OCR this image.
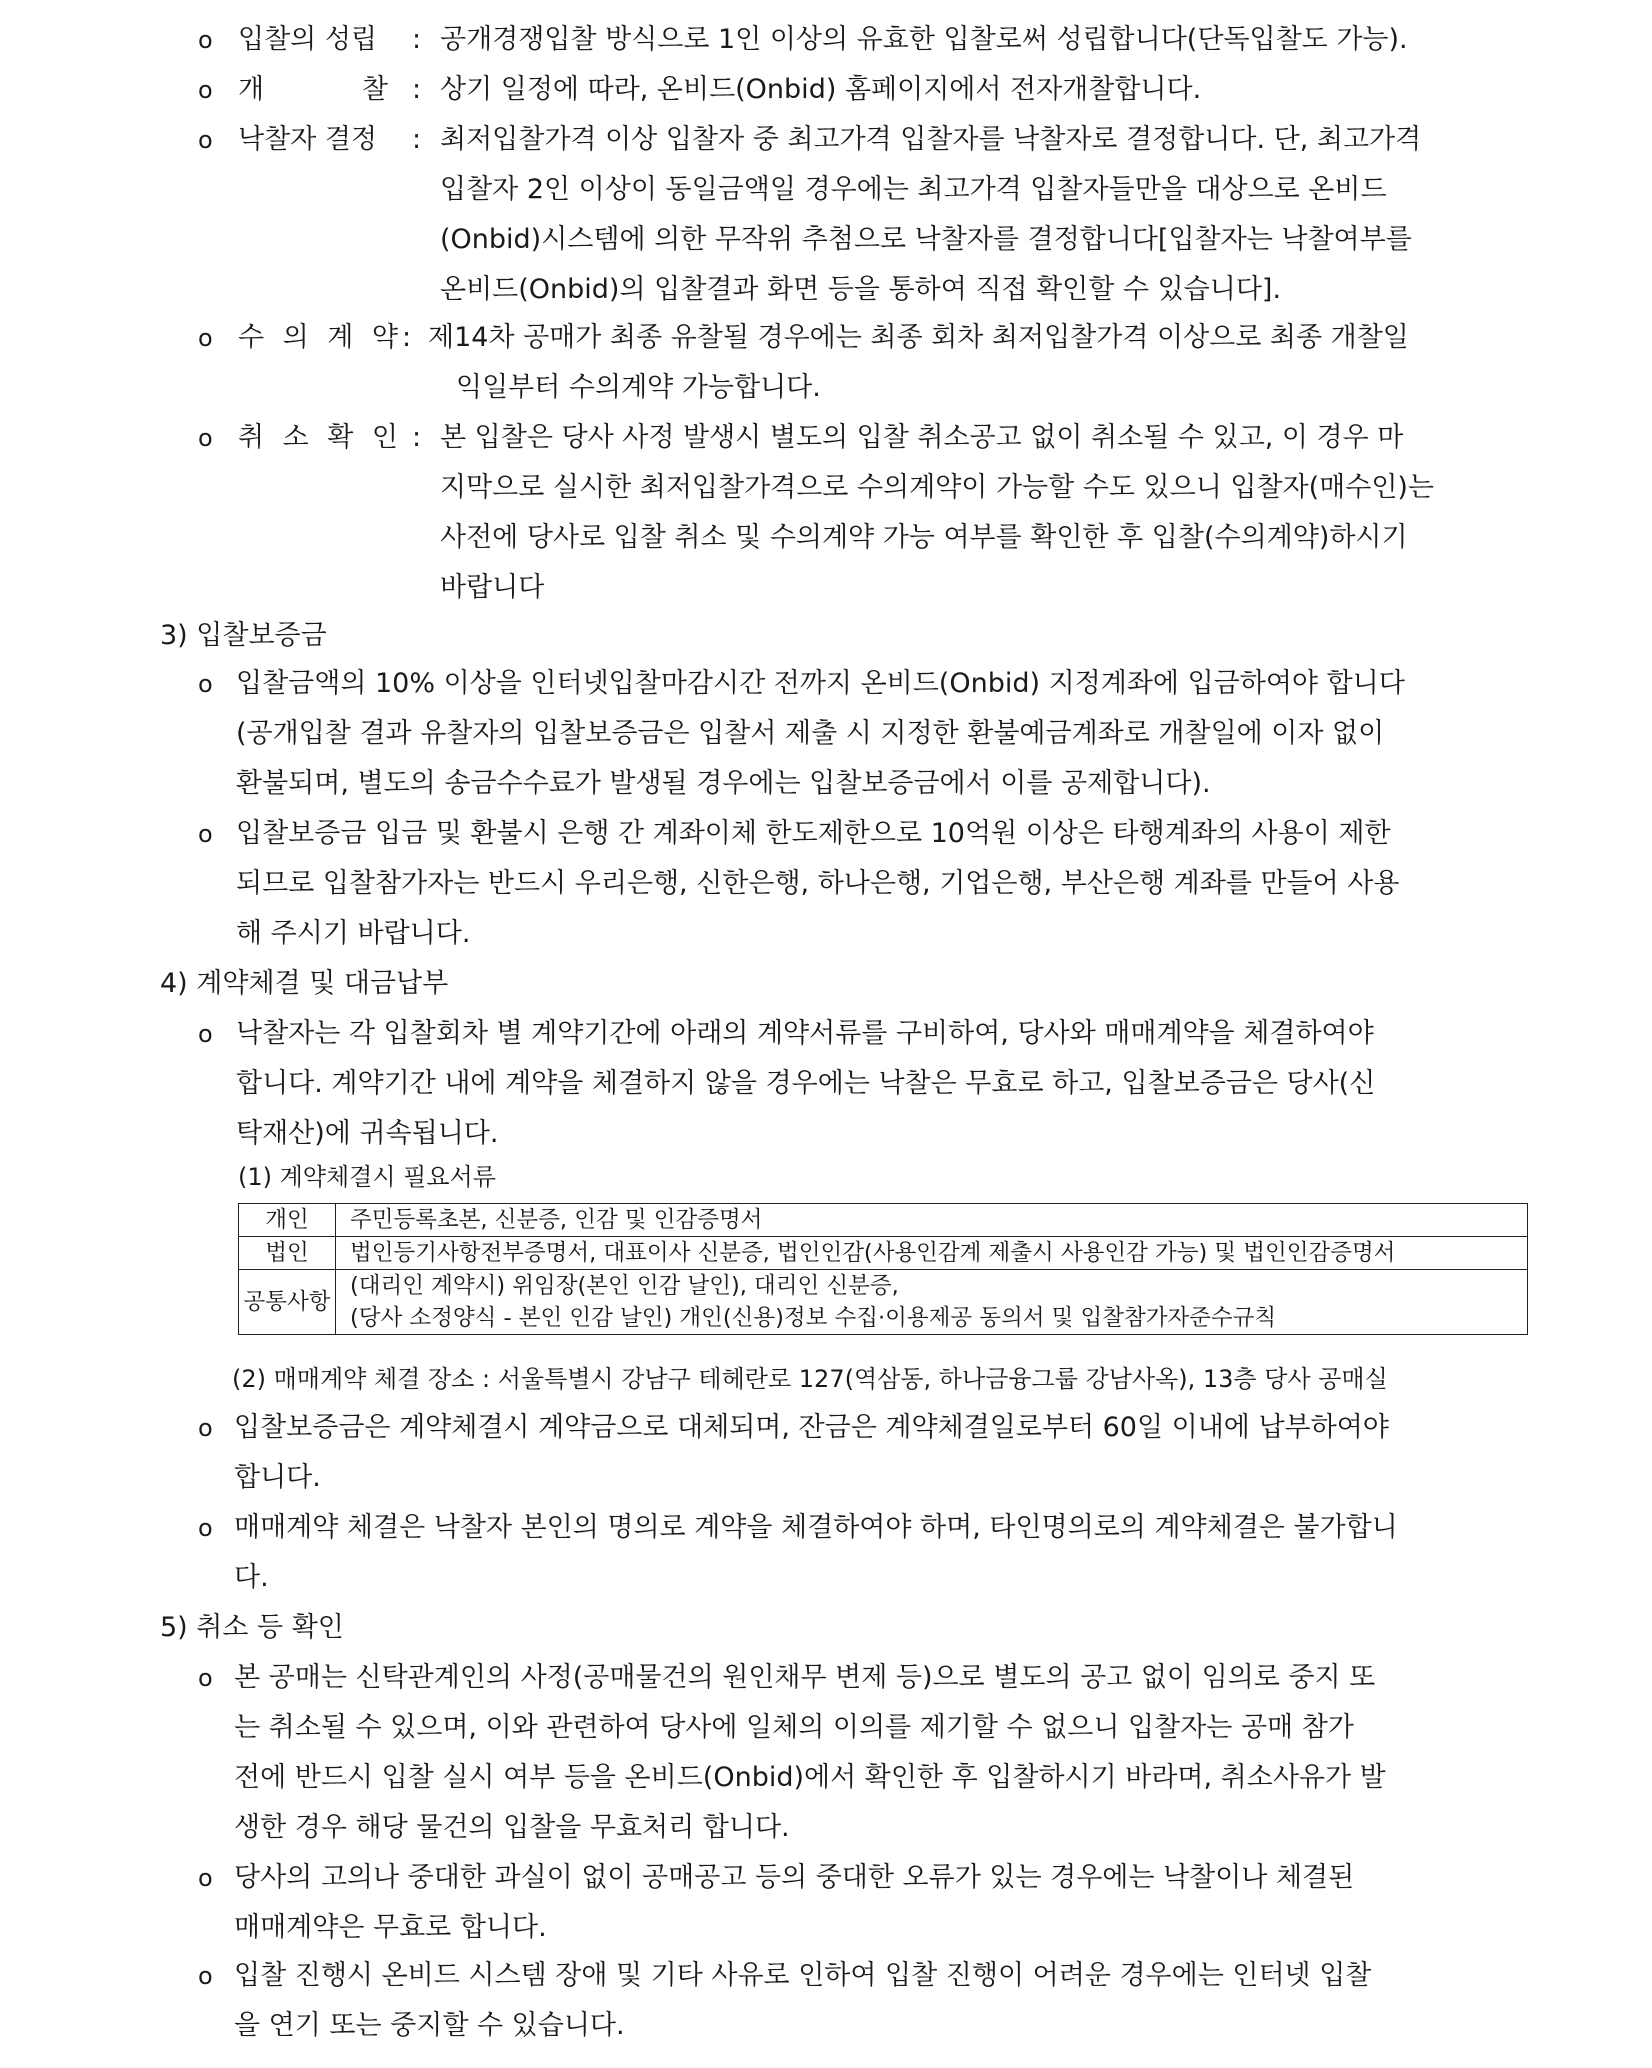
o 입찰의 성립 : 공개경쟁입찰 방식으로 1인 이상의 유효한 입찰로써 성립합니다(단독입찰도 가능).
o 개 찰 : 상기 일정에 따라, 온비드(Onbid) 홈페이지에서 전자개찰합니다.
o 낙찰자 결정 : 최저입찰가격 이상 입찰자 중 최고가격 입찰자를 낙찰자로 결정합니다. 단, 최고가격
입찰자 2인 이상이 동일금액일 경우에는 최고가격 입찰자들만을 대상으로 온비드
(Onbid)시스템에 의한 무작위 추첨으로 낙찰자를 결정합니다[입찰자는 낙찰여부를
온비드(Onbid)의 입찰결과 화면 등을 통하여 직접 확인할 수 있습니다].
o 수 의 계 약 : 제14차 공매가 최종 유찰될 경우에는 최종 회차 최저입찰가격 이상으로 최종 개찰일
익일부터 수의계약 가능합니다.
o 취 소 확 인 : 본 입찰은 당사 사정 발생시 별도의 입찰 취소공고 없이 취소될 수 있고, 이 경우 마
지막으로 실시한 최저입찰가격으로 수의계약이 가능할 수도 있으니 입찰자(매수인)는
사전에 당사로 입찰 취소 및 수의계약 가능 여부를 확인한 후 입찰(수의계약)하시기
바랍니다
3) 입찰보증금
o 입찰금액의 10% 이상을 인터넷입찰마감시간 전까지 온비드(Onbid) 지정계좌에 입금하여야 합니다
(공개입찰 결과 유찰자의 입찰보증금은 입찰서 제출 시 지정한 환불예금계좌로 개찰일에 이자 없이
환불되며, 별도의 송금수수료가 발생될 경우에는 입찰보증금에서 이를 공제합니다).
o 입찰보증금 입금 및 환불시 은행 간 계좌이체 한도제한으로 10억원 이상은 타행계좌의 사용이 제한
되므로 입찰참가자는 반드시 우리은행, 신한은행, 하나은행, 기업은행, 부산은행 계좌를 만들어 사용
해 주시기 바랍니다.
4) 계약체결 및 대금납부
o 낙찰자는 각 입찰회차 별 계약기간에 아래의 계약서류를 구비하여, 당사와 매매계약을 체결하여야
합니다. 계약기간 내에 계약을 체결하지 않을 경우에는 낙찰은 무효로 하고, 입찰보증금은 당사(신
탁재산)에 귀속됩니다.
(1) 계약체결시 필요서류
개인	주민등록초본, 신분증, 인감 및 인감증명서
법인	법인등기사항전부증명서, 대표이사 신분증, 법인인감(사용인감계 제출시 사용인감 가능) 및 법인인감증명서
공통사항	(대리인 계약시) 위임장(본인 인감 날인), 대리인 신분증,
(당사 소정양식 - 본인 인감 날인) 개인(신용)정보 수집·이용제공 동의서 및 입찰참가자준수규칙
(2) 매매계약 체결 장소 : 서울특별시 강남구 테헤란로 127(역삼동, 하나금융그룹 강남사옥), 13층 당사 공매실
o 입찰보증금은 계약체결시 계약금으로 대체되며, 잔금은 계약체결일로부터 60일 이내에 납부하여야
합니다.
o 매매계약 체결은 낙찰자 본인의 명의로 계약을 체결하여야 하며, 타인명의로의 계약체결은 불가합니
다.
5) 취소 등 확인
o 본 공매는 신탁관계인의 사정(공매물건의 원인채무 변제 등)으로 별도의 공고 없이 임의로 중지 또
는 취소될 수 있으며, 이와 관련하여 당사에 일체의 이의를 제기할 수 없으니 입찰자는 공매 참가
전에 반드시 입찰 실시 여부 등을 온비드(Onbid)에서 확인한 후 입찰하시기 바라며, 취소사유가 발
생한 경우 해당 물건의 입찰을 무효처리 합니다.
o 당사의 고의나 중대한 과실이 없이 공매공고 등의 중대한 오류가 있는 경우에는 낙찰이나 체결된
매매계약은 무효로 합니다.
o 입찰 진행시 온비드 시스템 장애 및 기타 사유로 인하여 입찰 진행이 어려운 경우에는 인터넷 입찰
을 연기 또는 중지할 수 있습니다.
